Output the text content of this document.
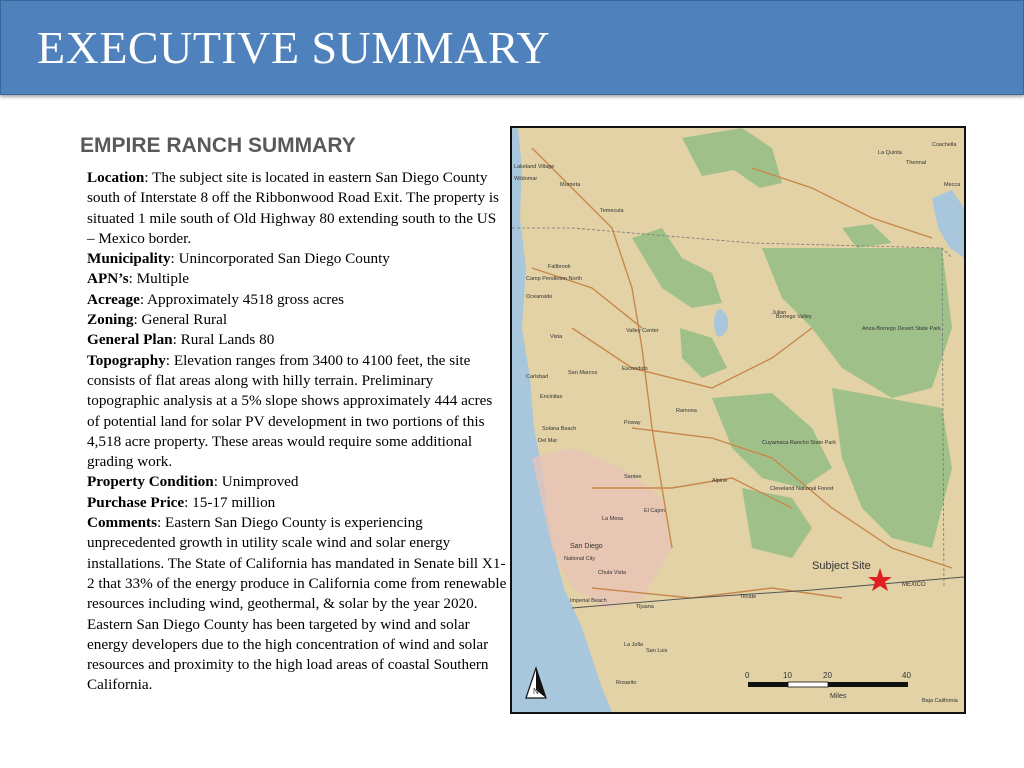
EXECUTIVE SUMMARY
EMPIRE RANCH SUMMARY

Location: The subject site is located in eastern San Diego County south of Interstate 8 off the Ribbonwood Road Exit. The property is situated 1 mile south of Old Highway 80 extending south to the US – Mexico border.

Municipality: Unincorporated San Diego County

APN’s: Multiple

Acreage: Approximately 4518 gross acres

Zoning: General Rural

General Plan: Rural Lands 80

Topography: Elevation ranges from 3400 to 4100 feet, the site consists of flat areas along with hilly terrain. Preliminary topographic analysis at a 5% slope shows approximately 444 acres of potential land for solar PV development in two portions of this 4,518 acre property. These areas would require some additional grading work.

Property Condition: Unimproved

Purchase Price: 15-17 million

Comments: Eastern San Diego County is experiencing unprecedented growth in utility scale wind and solar energy installations. The State of California has mandated in Senate bill X1-2 that 33% of the energy produce in California come from renewable resources including wind, geothermal, & solar by the year 2020. Eastern San Diego County has been targeted by wind and solar energy developers due to the high concentration of wind and solar resources and proximity to the high load areas of coastal Southern California.

Subject Site
Temecula
Murrieta
Fallbrook
Camp Pendleton North
Oceanside
Carlsbad
Vista
San Marcos
Escondido
Valley Center
Encinitas
Solana Beach
Del Mar
Poway
Ramona
Santee
El Cajon
La Mesa
San Diego
National City
Chula Vista
Imperial Beach
Tijuana
Tecate
Alpine
La Jolla
San Luis
Rosarito
Anza-Borrego Desert State Park
Cuyamaca Rancho State Park
Cleveland National Forest
Julian
Coachella
La Quinta
Thermal
Mecca
Lakeland Village
Wildomar
Borrego Valley
MEXICO
Baja California
N
0	10	20	40
Miles
